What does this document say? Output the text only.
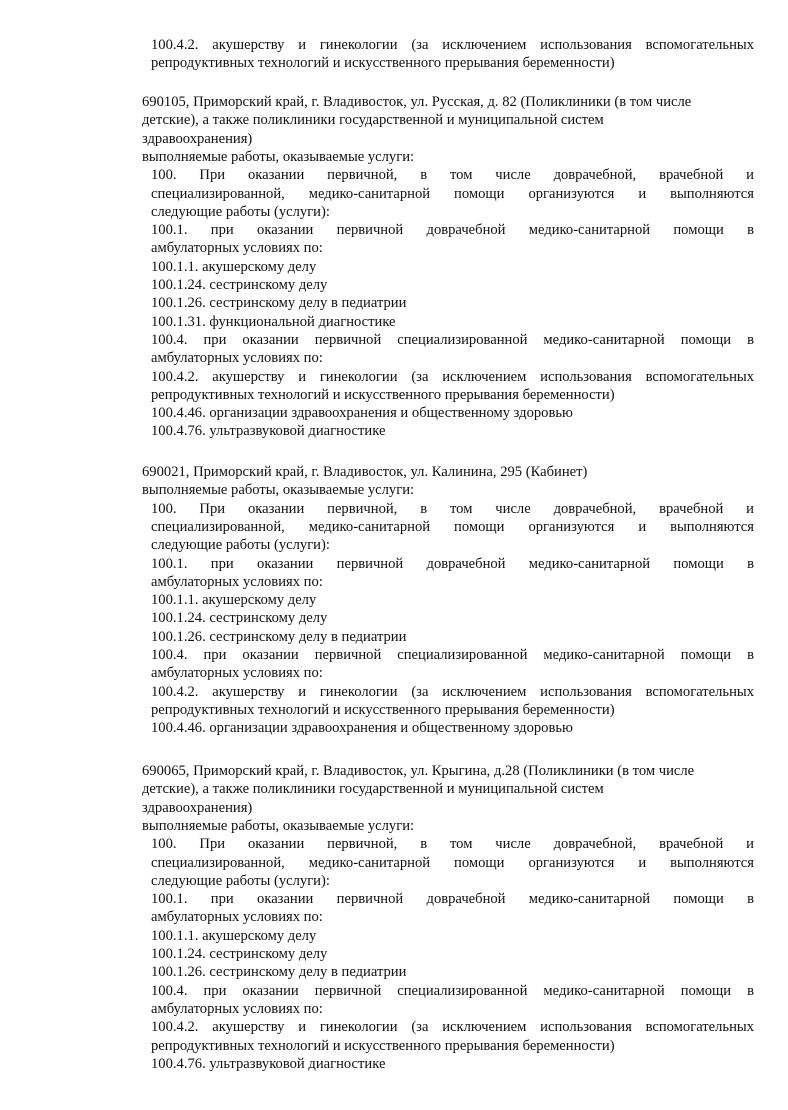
100.4.2. акушерству и гинекологии (за исключением использования вспомогательных
репродуктивных технологий и искусственного прерывания беременности)
690105, Приморский край, г. Владивосток, ул. Русская, д. 82 (Поликлиники (в том числе
детские), а также поликлиники государственной и муниципальной систем
здравоохранения)
выполняемые работы, оказываемые услуги:
100. При оказании первичной, в том числе доврачебной, врачебной и
специализированной, медико-санитарной помощи организуются и выполняются
следующие работы (услуги):
100.1. при оказании первичной доврачебной медико-санитарной помощи в
амбулаторных условиях по:
100.1.1. акушерскому делу
100.1.24. сестринскому делу
100.1.26. сестринскому делу в педиатрии
100.1.31. функциональной диагностике
100.4. при оказании первичной специализированной медико-санитарной помощи в
амбулаторных условиях по:
100.4.2. акушерству и гинекологии (за исключением использования вспомогательных
репродуктивных технологий и искусственного прерывания беременности)
100.4.46. организации здравоохранения и общественному здоровью
100.4.76. ультразвуковой диагностике
690021, Приморский край, г. Владивосток, ул. Калинина, 295 (Кабинет)
выполняемые работы, оказываемые услуги:
100. При оказании первичной, в том числе доврачебной, врачебной и
специализированной, медико-санитарной помощи организуются и выполняются
следующие работы (услуги):
100.1. при оказании первичной доврачебной медико-санитарной помощи в
амбулаторных условиях по:
100.1.1. акушерскому делу
100.1.24. сестринскому делу
100.1.26. сестринскому делу в педиатрии
100.4. при оказании первичной специализированной медико-санитарной помощи в
амбулаторных условиях по:
100.4.2. акушерству и гинекологии (за исключением использования вспомогательных
репродуктивных технологий и искусственного прерывания беременности)
100.4.46. организации здравоохранения и общественному здоровью
690065, Приморский край, г. Владивосток, ул. Крыгина, д.28 (Поликлиники (в том числе
детские), а также поликлиники государственной и муниципальной систем
здравоохранения)
выполняемые работы, оказываемые услуги:
100. При оказании первичной, в том числе доврачебной, врачебной и
специализированной, медико-санитарной помощи организуются и выполняются
следующие работы (услуги):
100.1. при оказании первичной доврачебной медико-санитарной помощи в
амбулаторных условиях по:
100.1.1. акушерскому делу
100.1.24. сестринскому делу
100.1.26. сестринскому делу в педиатрии
100.4. при оказании первичной специализированной медико-санитарной помощи в
амбулаторных условиях по:
100.4.2. акушерству и гинекологии (за исключением использования вспомогательных
репродуктивных технологий и искусственного прерывания беременности)
100.4.76. ультразвуковой диагностике
